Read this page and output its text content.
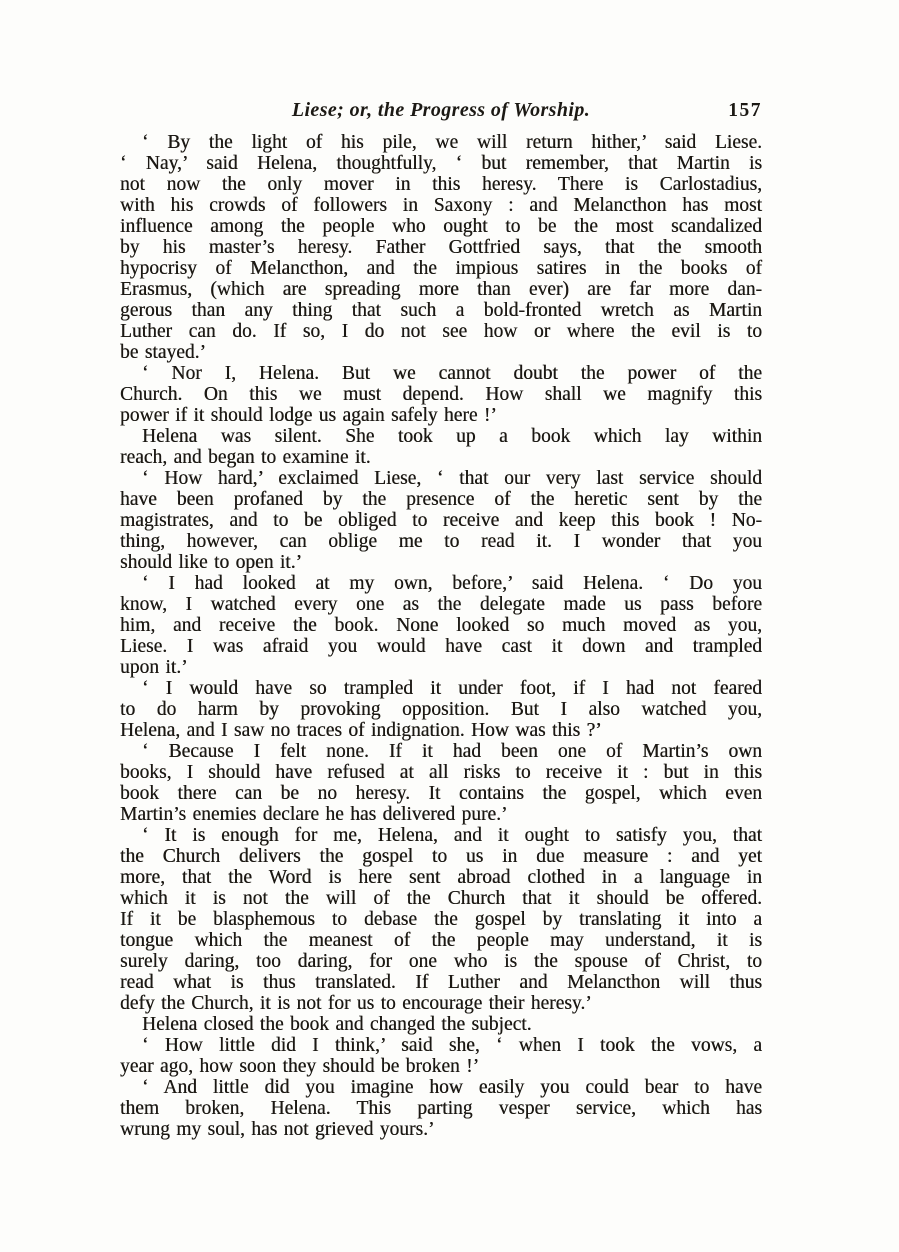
Liese; or, the Progress of Worship.	157
‘ By the light of his pile, we will return hither,’ said Liese.
‘ Nay,’ said Helena, thoughtfully, ‘ but remember, that Martin is
not now the only mover in this heresy. There is Carlostadius,
with his crowds of followers in Saxony : and Melancthon has most
influence among the people who ought to be the most scandalized
by his master’s heresy. Father Gottfried says, that the smooth
hypocrisy of Melancthon, and the impious satires in the books of
Erasmus, (which are spreading more than ever) are far more dan-
gerous than any thing that such a bold-fronted wretch as Martin
Luther can do. If so, I do not see how or where the evil is to
be stayed.’
‘ Nor I, Helena. But we cannot doubt the power of the
Church. On this we must depend. How shall we magnify this
power if it should lodge us again safely here !’
Helena was silent. She took up a book which lay within
reach, and began to examine it.
‘ How hard,’ exclaimed Liese, ‘ that our very last service should
have been profaned by the presence of the heretic sent by the
magistrates, and to be obliged to receive and keep this book ! No-
thing, however, can oblige me to read it. I wonder that you
should like to open it.’
‘ I had looked at my own, before,’ said Helena. ‘ Do you
know, I watched every one as the delegate made us pass before
him, and receive the book. None looked so much moved as you,
Liese. I was afraid you would have cast it down and trampled
upon it.’
‘ I would have so trampled it under foot, if I had not feared
to do harm by provoking opposition. But I also watched you,
Helena, and I saw no traces of indignation. How was this ?’
‘ Because I felt none. If it had been one of Martin’s own
books, I should have refused at all risks to receive it : but in this
book there can be no heresy. It contains the gospel, which even
Martin’s enemies declare he has delivered pure.’
‘ It is enough for me, Helena, and it ought to satisfy you, that
the Church delivers the gospel to us in due measure : and yet
more, that the Word is here sent abroad clothed in a language in
which it is not the will of the Church that it should be offered.
If it be blasphemous to debase the gospel by translating it into a
tongue which the meanest of the people may understand, it is
surely daring, too daring, for one who is the spouse of Christ, to
read what is thus translated. If Luther and Melancthon will thus
defy the Church, it is not for us to encourage their heresy.’
Helena closed the book and changed the subject.
‘ How little did I think,’ said she, ‘ when I took the vows, a
year ago, how soon they should be broken !’
‘ And little did you imagine how easily you could bear to have
them broken, Helena. This parting vesper service, which has
wrung my soul, has not grieved yours.’
